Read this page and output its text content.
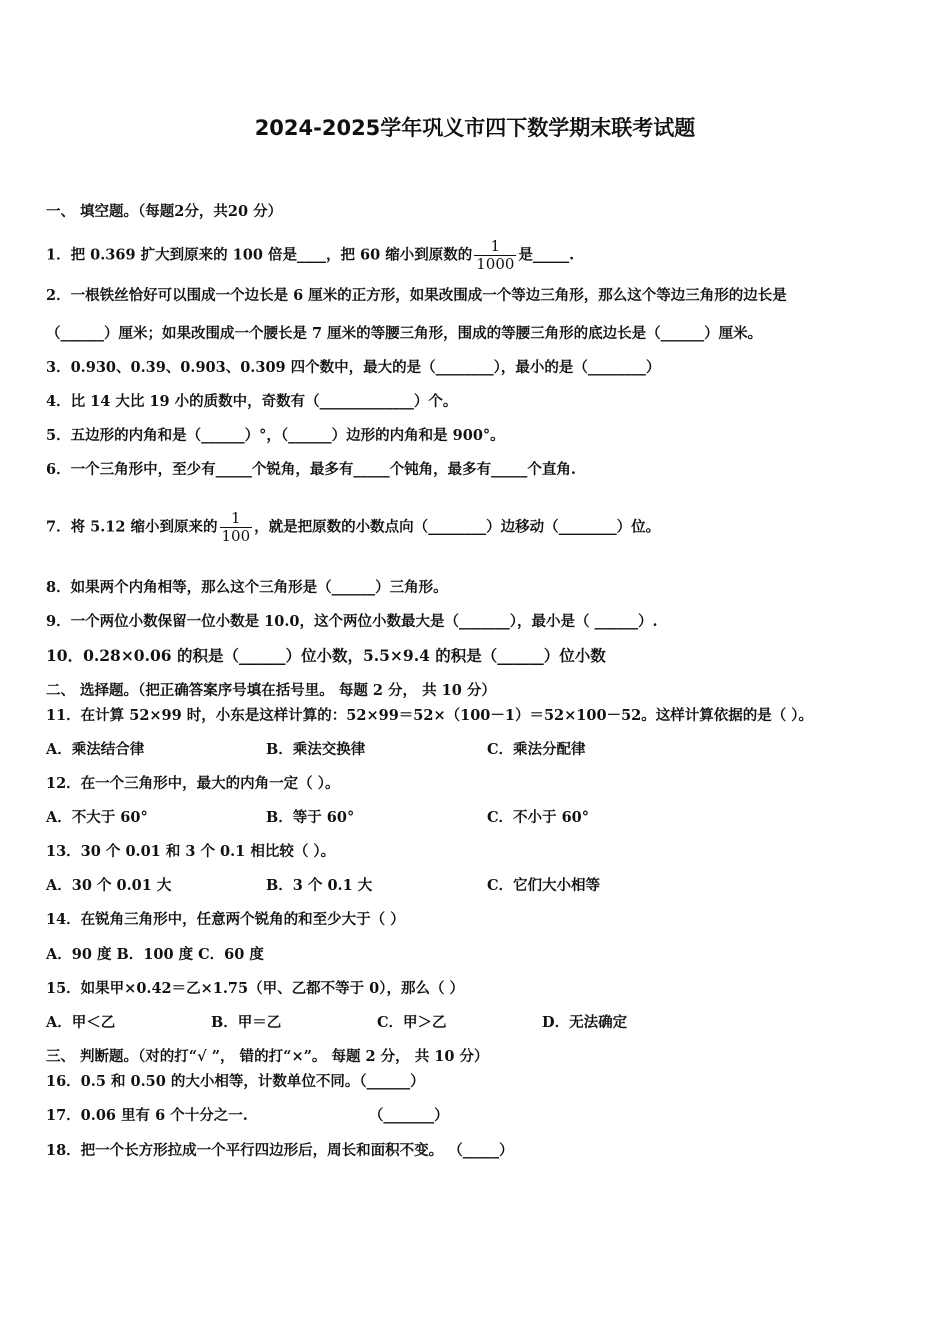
2024-2025学年巩义市四下数学期末联考试题
一、 填空题。（每题2分，共20 分）
1．把 0.369 扩大到原来的 100 倍是____，把 60 缩小到原数的 $\frac{1}{1000}$ 是_____.
2．一根铁丝恰好可以围成一个边长是 6 厘米的正方形，如果改围成一个等边三角形，那么这个等边三角形的边长是
（______）厘米；如果改围成一个腰长是 7 厘米的等腰三角形，围成的等腰三角形的底边长是（______）厘米。
3．0.930、0.39、0.903、0.309 四个数中，最大的是（________），最小的是（________）
4．比 14 大比 19 小的质数中，奇数有（_____________）个。
5．五边形的内角和是（______）°，（______）边形的内角和是 900°。
6．一个三角形中，至少有_____个锐角，最多有_____个钝角，最多有_____个直角.
7．将 5.12 缩小到原来的 $\frac{1}{100}$ ，就是把原数的小数点向（________）边移动（________）位。
8．如果两个内角相等，那么这个三角形是（______）三角形。
9．一个两位小数保留一位小数是 10.0，这个两位小数最大是（_______），最小是（ ______）.
10．0.28×0.06 的积是（______）位小数，5.5×9.4 的积是（______）位小数
二、 选择题。（把正确答案序号填在括号里。 每题 2 分， 共 10 分）
11．在计算 52×99 时，小东是这样计算的：52×99＝52×（100－1）＝52×100－52。这样计算依据的是（ ）。
A．乘法结合律	B．乘法交换律	C．乘法分配律
12．在一个三角形中，最大的内角一定（ ）。
A．不大于 60°	B．等于 60°	C．不小于 60°
13．30 个 0.01 和 3 个 0.1 相比较（ ）。
A．30 个 0.01 大	B．3 个 0.1 大	C．它们大小相等
14．在锐角三角形中，任意两个锐角的和至少大于（ ）
A．90 度 B．100 度 C．60 度
15．如果甲×0.42＝乙×1.75（甲、乙都不等于 0），那么（ ）
A．甲＜乙	B．甲＝乙	C．甲＞乙	D．无法确定
三、 判断题。（对的打“√ ”， 错的打“×”。 每题 2 分， 共 10 分）
16．0.5 和 0.50 的大小相等，计数单位不同。（______）
17．0.06 里有 6 个十分之一.                        （_______）
18．把一个长方形拉成一个平行四边形后，周长和面积不变。 （_____）
